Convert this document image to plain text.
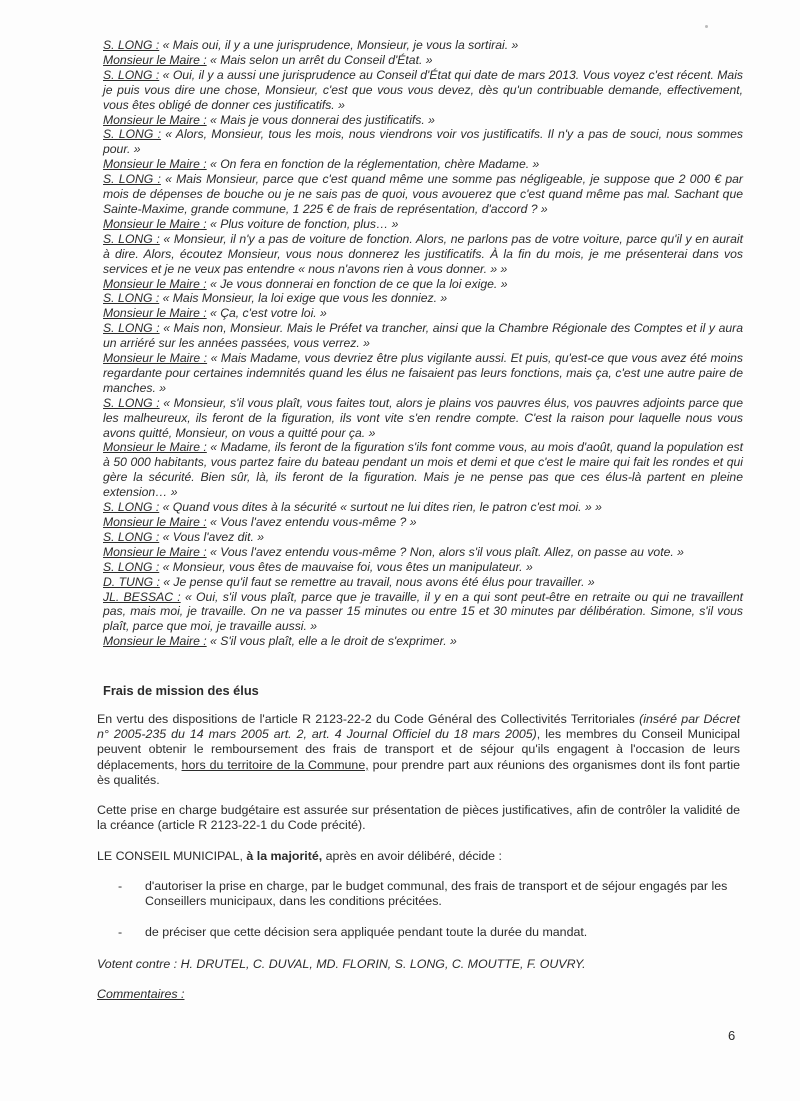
S. LONG : « Mais oui, il y a une jurisprudence, Monsieur, je vous la sortirai. »

Monsieur le Maire : « Mais selon un arrêt du Conseil d'État. »

S. LONG : « Oui, il y a aussi une jurisprudence au Conseil d'État qui date de mars 2013. Vous voyez c'est récent. Mais je puis vous dire une chose, Monsieur, c'est que vous vous devez, dès qu'un contribuable demande, effectivement, vous êtes obligé de donner ces justificatifs. »

Monsieur le Maire : « Mais je vous donnerai des justificatifs. »

S. LONG : « Alors, Monsieur, tous les mois, nous viendrons voir vos justificatifs. Il n'y a pas de souci, nous sommes pour. »

Monsieur le Maire : « On fera en fonction de la réglementation, chère Madame. »

S. LONG : « Mais Monsieur, parce que c'est quand même une somme pas négligeable, je suppose que 2 000 € par mois de dépenses de bouche ou je ne sais pas de quoi, vous avouerez que c'est quand même pas mal. Sachant que Sainte-Maxime, grande commune, 1 225 € de frais de représentation, d'accord ? »

Monsieur le Maire : « Plus voiture de fonction, plus… »

S. LONG : « Monsieur, il n'y a pas de voiture de fonction. Alors, ne parlons pas de votre voiture, parce qu'il y en aurait à dire. Alors, écoutez Monsieur, vous nous donnerez les justificatifs. À la fin du mois, je me présenterai dans vos services et je ne veux pas entendre « nous n'avons rien à vous donner. » »

Monsieur le Maire : « Je vous donnerai en fonction de ce que la loi exige. »

S. LONG : « Mais Monsieur, la loi exige que vous les donniez. »

Monsieur le Maire : « Ça, c'est votre loi. »

S. LONG : « Mais non, Monsieur. Mais le Préfet va trancher, ainsi que la Chambre Régionale des Comptes et il y aura un arriéré sur les années passées, vous verrez. »

Monsieur le Maire : « Mais Madame, vous devriez être plus vigilante aussi. Et puis, qu'est-ce que vous avez été moins regardante pour certaines indemnités quand les élus ne faisaient pas leurs fonctions, mais ça, c'est une autre paire de manches. »

S. LONG : « Monsieur, s'il vous plaît, vous faites tout, alors je plains vos pauvres élus, vos pauvres adjoints parce que les malheureux, ils feront de la figuration, ils vont vite s'en rendre compte. C'est la raison pour laquelle nous vous avons quitté, Monsieur, on vous a quitté pour ça. »

Monsieur le Maire : « Madame, ils feront de la figuration s'ils font comme vous, au mois d'août, quand la population est à 50 000 habitants, vous partez faire du bateau pendant un mois et demi et que c'est le maire qui fait les rondes et qui gère la sécurité. Bien sûr, là, ils feront de la figuration. Mais je ne pense pas que ces élus-là partent en pleine extension… »

S. LONG : « Quand vous dites à la sécurité « surtout ne lui dites rien, le patron c'est moi. » »

Monsieur le Maire : « Vous l'avez entendu vous-même ? »

S. LONG : « Vous l'avez dit. »

Monsieur le Maire : « Vous l'avez entendu vous-même ? Non, alors s'il vous plaît. Allez, on passe au vote. »

S. LONG : « Monsieur, vous êtes de mauvaise foi, vous êtes un manipulateur. »

D. TUNG : « Je pense qu'il faut se remettre au travail, nous avons été élus pour travailler. »

JL. BESSAC : « Oui, s'il vous plaît, parce que je travaille, il y en a qui sont peut-être en retraite ou qui ne travaillent pas, mais moi, je travaille. On ne va passer 15 minutes ou entre 15 et 30 minutes par délibération. Simone, s'il vous plaît, parce que moi, je travaille aussi. »

Monsieur le Maire : « S'il vous plaît, elle a le droit de s'exprimer. »

Frais de mission des élus

En vertu des dispositions de l'article R 2123-22-2 du Code Général des Collectivités Territoriales (inséré par Décret n° 2005-235 du 14 mars 2005 art. 2, art. 4 Journal Officiel du 18 mars 2005), les membres du Conseil Municipal peuvent obtenir le remboursement des frais de transport et de séjour qu'ils engagent à l'occasion de leurs déplacements, hors du territoire de la Commune, pour prendre part aux réunions des organismes dont ils font partie ès qualités.

Cette prise en charge budgétaire est assurée sur présentation de pièces justificatives, afin de contrôler la validité de la créance (article R 2123-22-1 du Code précité).

LE CONSEIL MUNICIPAL, à la majorité, après en avoir délibéré, décide :

- d'autoriser la prise en charge, par le budget communal, des frais de transport et de séjour engagés par les Conseillers municipaux, dans les conditions précitées.
- de préciser que cette décision sera appliquée pendant toute la durée du mandat.
Votent contre : H. DRUTEL, C. DUVAL, MD. FLORIN, S. LONG, C. MOUTTE, F. OUVRY.
Commentaires :
6
